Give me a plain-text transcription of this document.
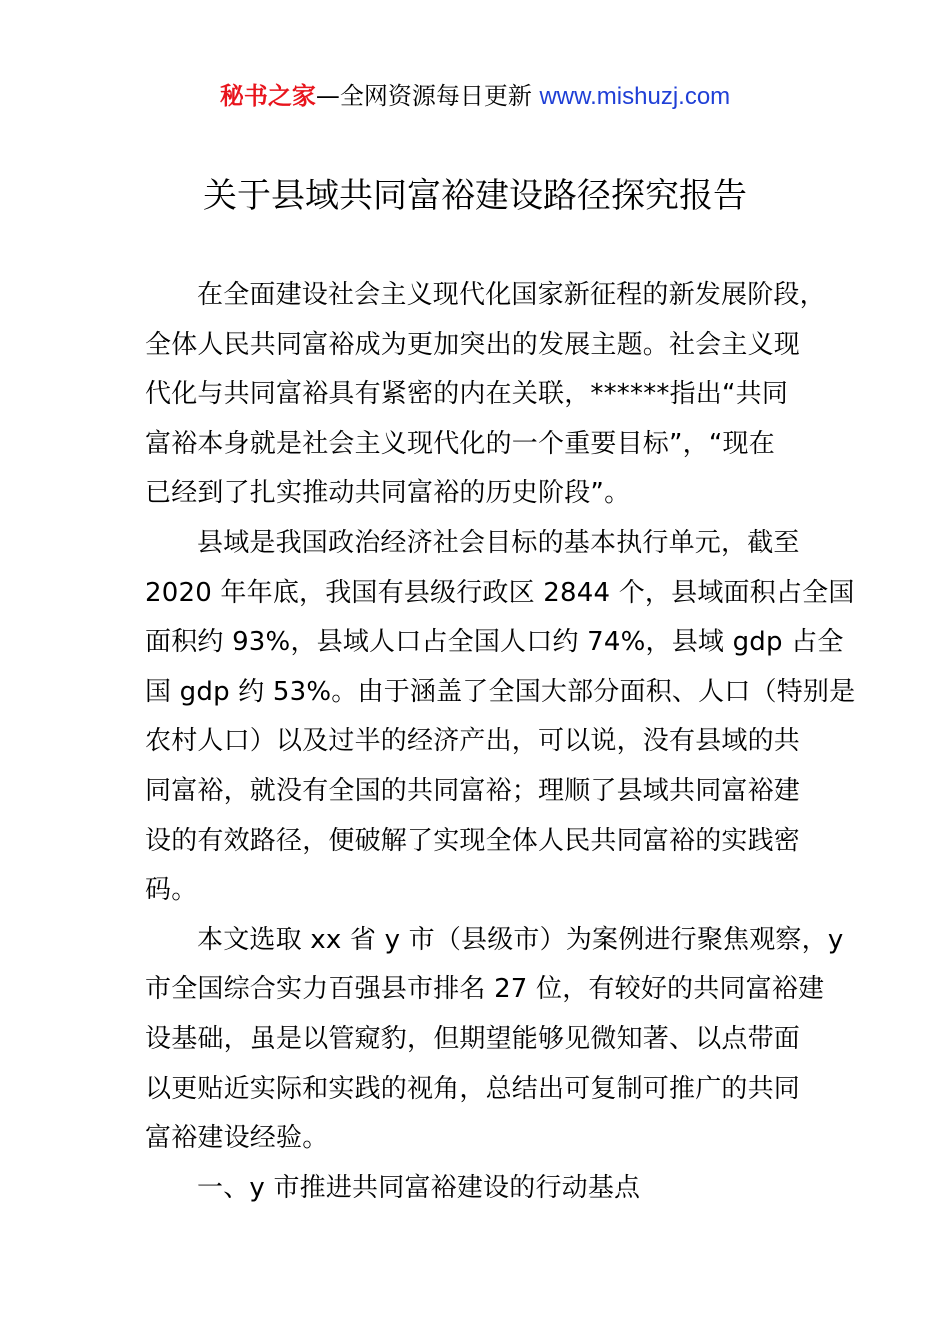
秘书之家—全网资源每日更新 www.mishuzj.com
关于县域共同富裕建设路径探究报告
在全面建设社会主义现代化国家新征程的新发展阶段，
全体人民共同富裕成为更加突出的发展主题。社会主义现
代化与共同富裕具有紧密的内在关联，******指出“共同
富裕本身就是社会主义现代化的一个重要目标”，“现在
已经到了扎实推动共同富裕的历史阶段”。
县域是我国政治经济社会目标的基本执行单元，截至
2020 年年底，我国有县级行政区 2844 个，县域面积占全国
面积约 93%，县域人口占全国人口约 74%，县域 gdp 占全
国 gdp 约 53%。由于涵盖了全国大部分面积、人口（特别是
农村人口）以及过半的经济产出，可以说，没有县域的共
同富裕，就没有全国的共同富裕；理顺了县域共同富裕建
设的有效路径，便破解了实现全体人民共同富裕的实践密
码。
本文选取 xx 省 y 市（县级市）为案例进行聚焦观察，y
市全国综合实力百强县市排名 27 位，有较好的共同富裕建
设基础，虽是以管窥豹，但期望能够见微知著、以点带面
以更贴近实际和实践的视角，总结出可复制可推广的共同
富裕建设经验。
一、y 市推进共同富裕建设的行动基点
